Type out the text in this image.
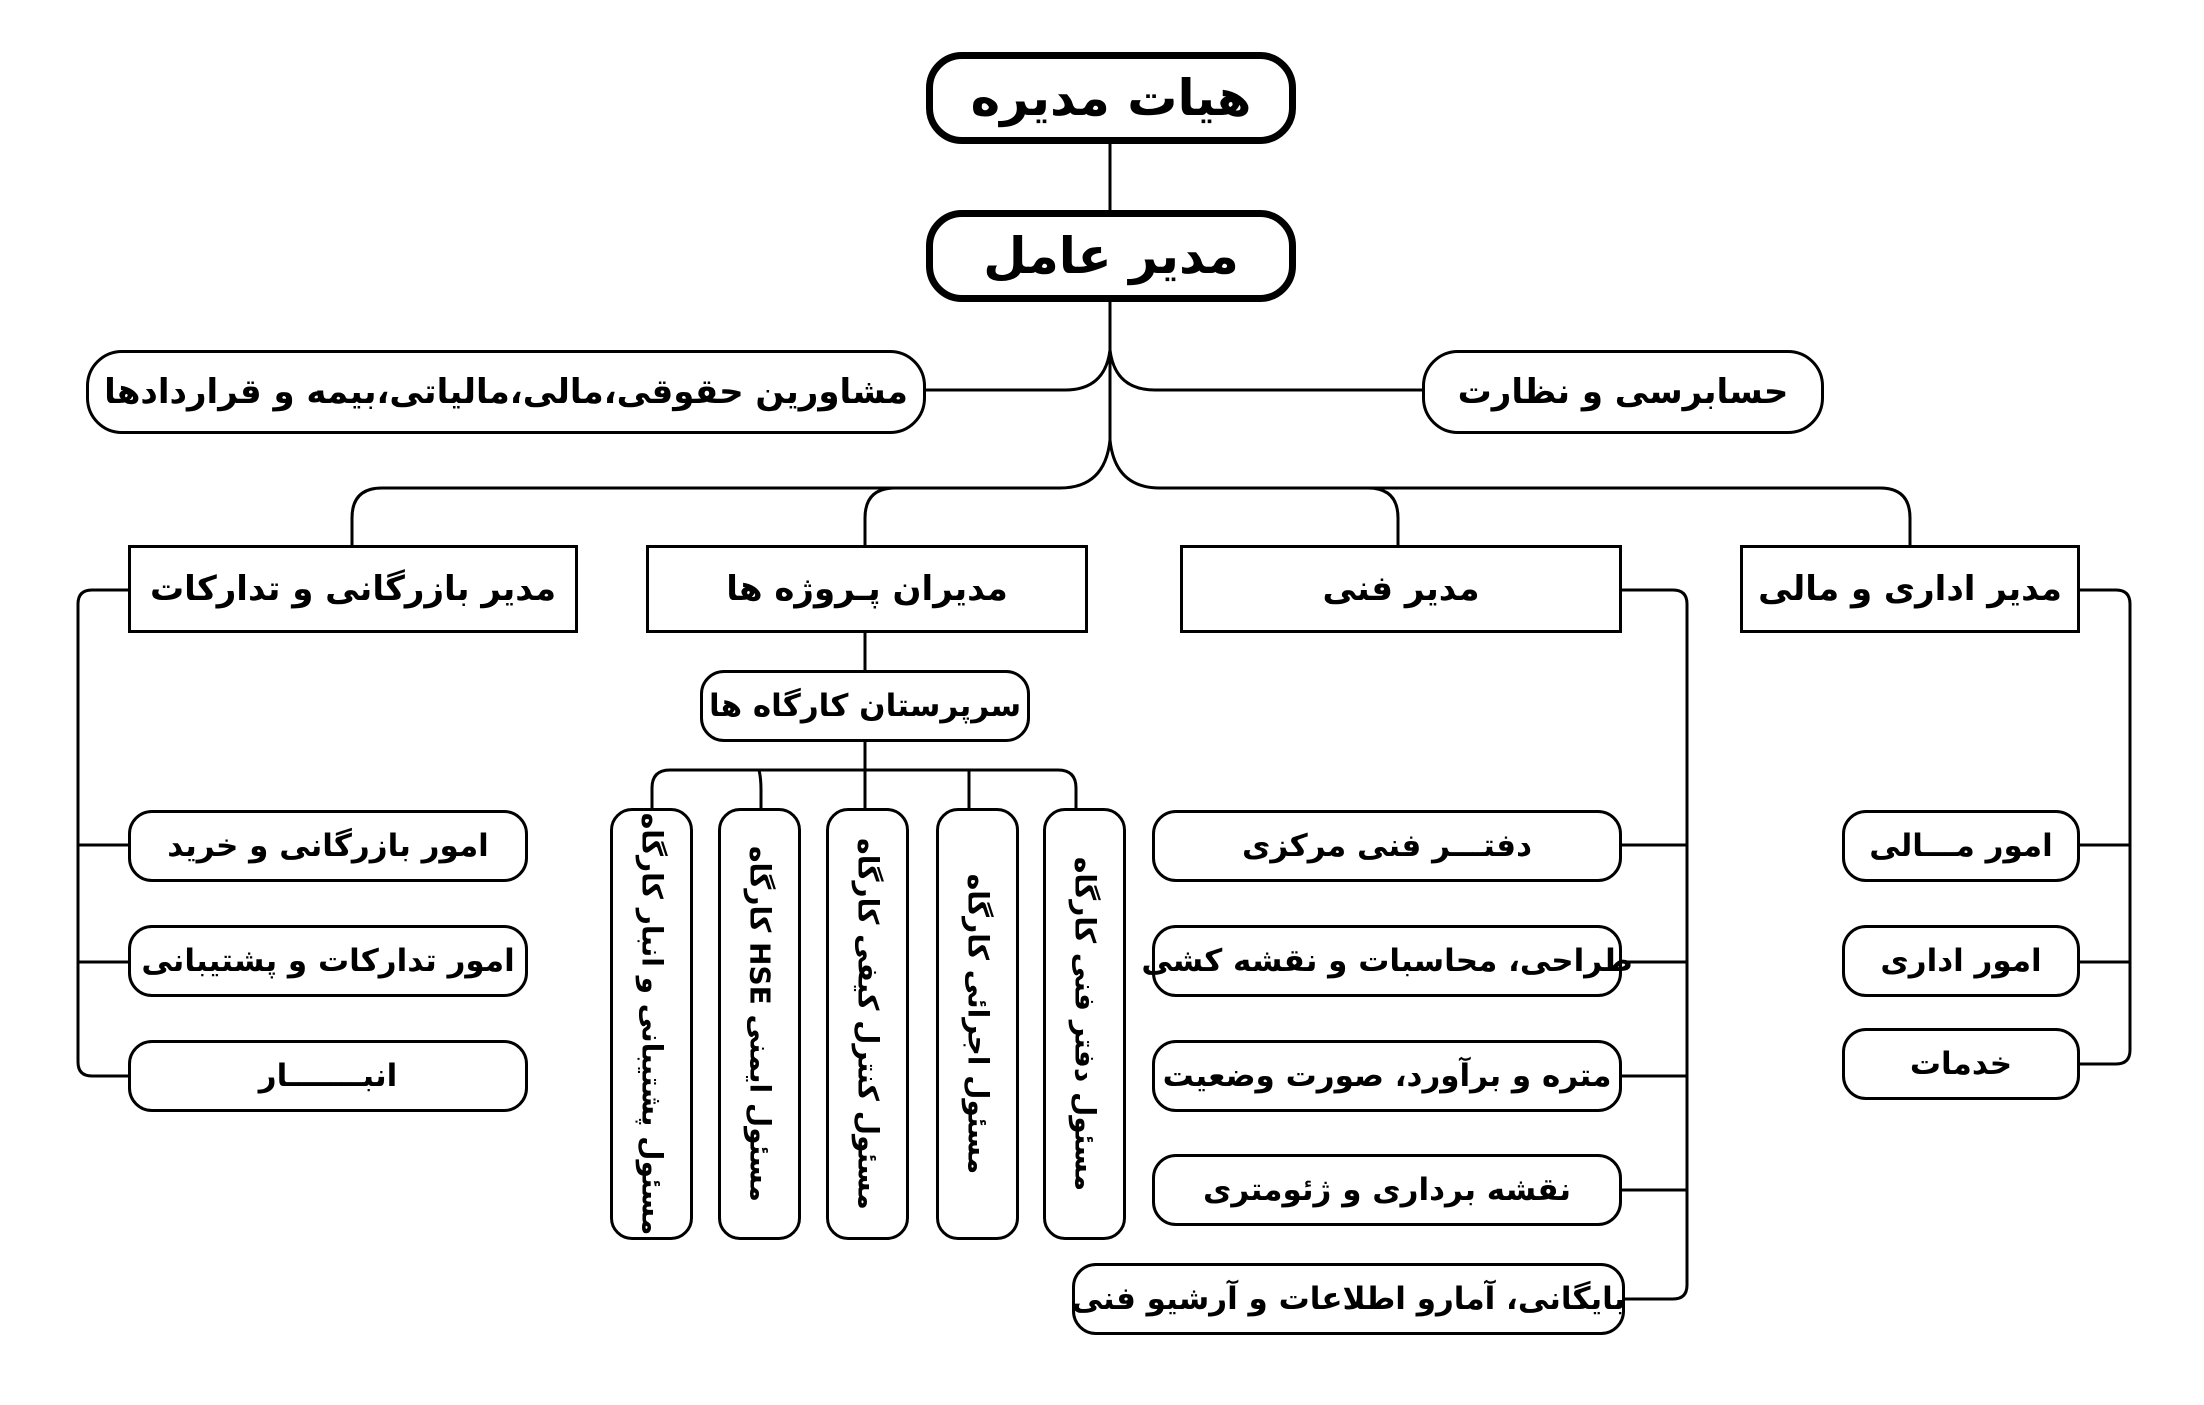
هیات مدیره
مدیر عامل
حسابرسی و نظارت
مشاورین حقوقی،مالی،مالیاتی،بیمه و قراردادها
مدیر اداری و مالی
مدیر فنی
مدیران پـروژه ها
مدیر بازرگانی و تدارکات
امور مـــالی
امور اداری
خدمات
دفتـــر فنی مرکزی
طراحی، محاسبات و نقشه کشی
متره و برآورد، صورت وضعیت
نقشه برداری و ژئومتری
بایگانی، آمارو اطلاعات و آرشیو فنی
سرپرستان کارگاه ها
مسئول دفتر فنی کارگاه
مسئول اجرائی کارگاه
مسئول کنترل کیفی کارگاه
مسئول ایمنی HSE کارگاه
مسئول پشتیبانی و انبار کارگاه
امور بازرگانی و خرید
امور تدارکات و پشتیبانی
انبـــــــار
